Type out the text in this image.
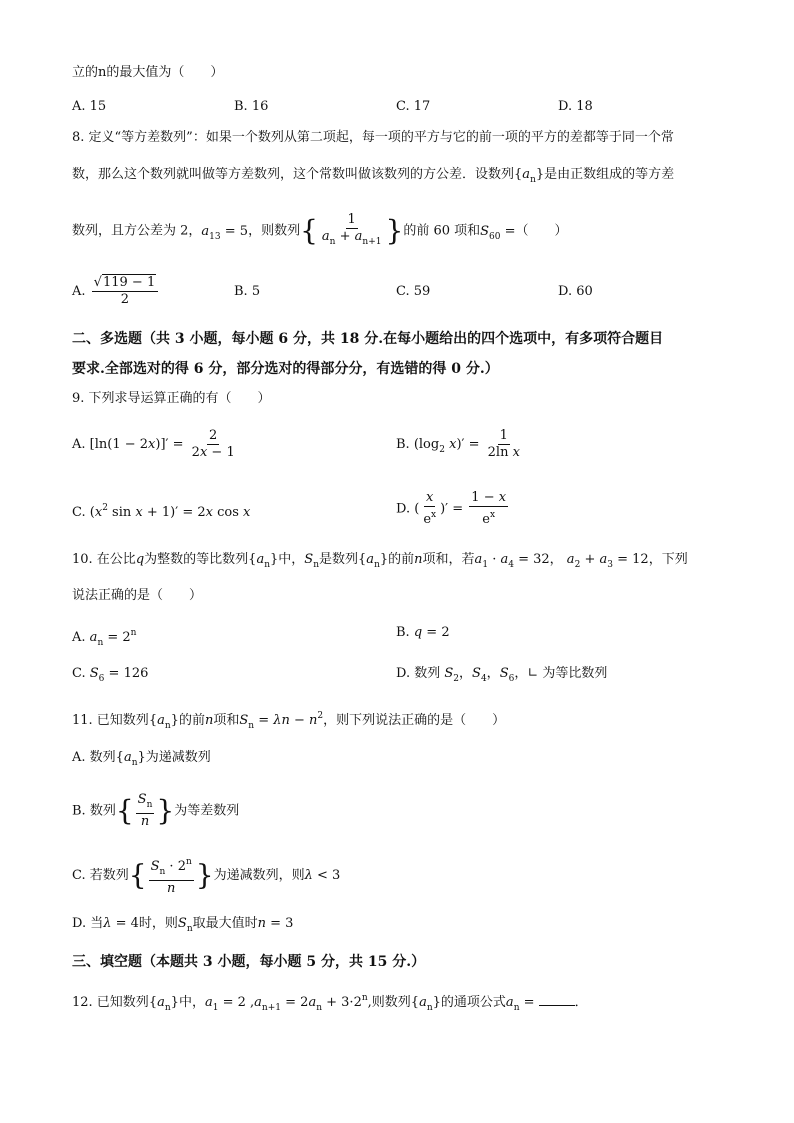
立的n的最大值为（　　）
A. 15	B. 16	C. 17	D. 18
8. 定义“等方差数列”：如果一个数列从第二项起，每一项的平方与它的前一项的平方的差都等于同一个常
数，那么这个数列就叫做等方差数列，这个常数叫做该数列的方公差．设数列$\{a_n\}$是由正数组成的等方差
数列，且方公差为 2，$a_{13} = 5$，则数列{ $\frac{1}{a_n + a_{n+1}}$ }的前 60 项和$S_{60}$ =（　　）
A. $\frac{√119 - 1}{2}$	B. 5	C. 59	D. 60
二、多选题（共 3 小题，每小题 6 分，共 18 分.在每小题给出的四个选项中，有多项符合题目
要求.全部选对的得 6 分，部分选对的得部分分，有选错的得 0 分.）
9. 下列求导运算正确的有（　　）
A. $[\ln(1 - 2x)]' = \frac{2}{2x - 1}$	B. ($\log_2$ $x)' = \frac{1}{\text{2ln x}}$
C. ($x^2$ sin x + 1)′ = 2x cos x	D. ( $\frac{x}{e^x}$ )′ = $\frac{1 - x}{e^x}$
10. 在公比q为整数的等比数列$\{a_n\}$中，$S_n$是数列$\{a_n\}$的前n项和，若$a_1 \cdot a_4 = 32$， $a_2 + a_3 = 12$，下列
说法正确的是（　　）
A. $a_n = 2^n$	B. q = 2
C. $S_6 = 126$	D. 数列 $S_2$，$S_4$，$S_6$，∟ 为等比数列
11. 已知数列$\{a_n\}$的前n项和$S_n = \lambda n - n^2$，则下列说法正确的是（　　）
A. 数列$\{a_n\}$为递减数列
B. 数列{ $\frac{S_n}{n}$ }为等差数列
C. 若数列{ $\frac{S_n \cdot 2^n}{n}$ }为递减数列，则λ < 3
D. 当λ = 4时，则$S_n$取最大值时n = 3
三、填空题（本题共 3 小题，每小题 5 分，共 15 分.）
12. 已知数列$\{a_n\}$中，$a_1 = 2$ $,a_{n+1} = 2a_n + 3\cdot 2^n$,则数列$\{a_n\}$的通项公式$a_n$ =	．
